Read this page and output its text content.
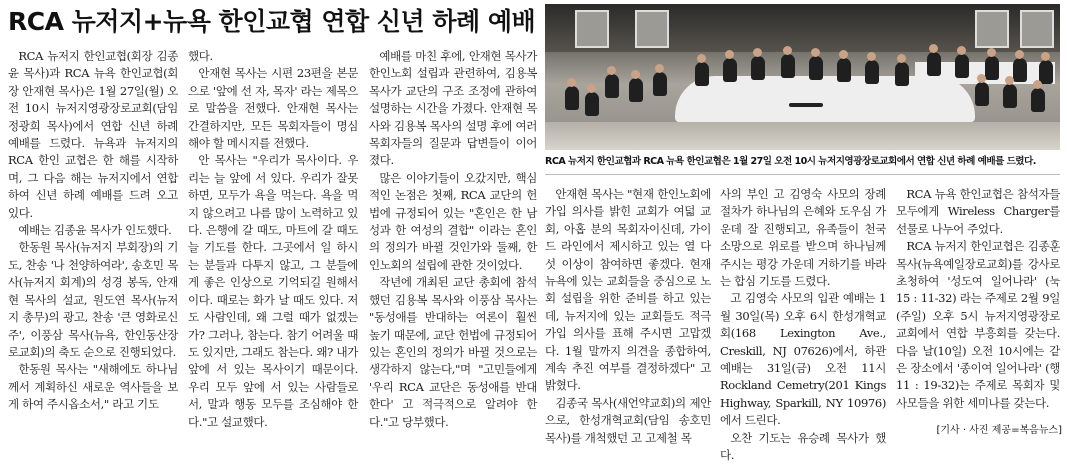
RCA 뉴저지+뉴욕 한인교협 연합 신년 하례 예배

RCA 뉴저지 한인교협(회장 김종윤 목사)과 RCA 뉴욕 한인교협(회장 안재현 목사)은 1월 27일(월) 오전 10시 뉴저지영광장로교회(담임 정광희 목사)에서 연합 신년 하례 예배를 드렸다. 뉴욕과 뉴저지의 RCA 한인 교협은 한 해를 시작하며, 그 다음 해는 뉴저지에서 연합하여 신년 하례 예배를 드려 오고 있다.

예배는 김종윤 목사가 인도했다.

한동원 목사(뉴저지 부회장)의 기도, 찬송 '나 천양하여라', 송호민 목사(뉴저지 회계)의 성경 봉독, 안재현 목사의 설교, 원도연 목사(뉴저지 총무)의 광고, 찬송 '큰 영화로신 주', 이풍삼 목사(뉴욕, 한인동산장로교회)의 축도 순으로 진행되었다.

한동원 목사는 "새해에도 하나님께서 계획하신 새로운 역사들을 보게 하여 주시옵소서," 라고 기도

했다.

안재현 목사는 시편 23편을 본문으로 '앞에 선 자, 목자' 라는 제목으로 말씀을 전했다. 안재현 목사는 간결하지만, 모든 목회자들이 명심해야 할 메시지를 전했다.

안 목사는 "우리가 목사이다. 우리는 늘 앞에 서 있다. 우리가 잘못하면, 모두가 욕을 먹는다. 욕을 먹지 않으려고 나름 많이 노력하고 있다. 은행에 갈 때도, 마트에 갈 때도 늘 기도를 한다. 그곳에서 일 하시는 분들과 다투지 않고, 그 분들에게 좋은 인상으로 기억되길 원해서이다. 때로는 화가 날 때도 있다. 저도 사람인데, 왜 그럴 때가 없겠는가? 그러나, 참는다. 참기 어려울 때도 있지만, 그래도 참는다. 왜? 내가 앞에 서 있는 목사이기 때문이다. 우리 모두 앞에 서 있는 사람들로서, 말과 행동 모두를 조심해야 한다."고 설교했다.

예배를 마친 후에, 안재현 목사가 한인노회 설립과 관련하여, 김용복 목사가 교단의 구조 조정에 관하여 설명하는 시간을 가졌다. 안재현 목사와 김용복 목사의 설명 후에 여러 목회자들의 질문과 답변들이 이어졌다.

많은 이야기들이 오갔지만, 핵심적인 논점은 첫째, RCA 교단의 헌법에 규정되어 있는 "혼인은 한 남성과 한 여성의 결합" 이라는 혼인의 정의가 바뀔 것인가와 둘째, 한인노회의 설립에 관한 것이었다.

작년에 개최된 교단 총회에 참석했던 김용복 목사와 이풍삼 목사는 "동성애를 반대하는 여론이 훨씬 높기 때문에, 교단 헌법에 규정되어 있는 혼인의 정의가 바뀔 것으로는 생각하지 않는다,"며 "고민들에게 '우리 RCA 교단은 동성애를 반대한다' 고 적극적으로 알려야 한다."고 당부했다.

RCA 뉴저지 한인교협과 RCA 뉴욕 한인교협은 1월 27일 오전 10시 뉴저지영광장로교회에서 연합 신년 하례 예배를 드렸다.

안재현 목사는 "현재 한인노회에 가입 의사를 밝힌 교회가 여덟 교회, 아홉 분의 목회자이신데, 가이드 라인에서 제시하고 있는 열 다섯 이상이 참여하면 좋겠다. 현재 뉴욕에 있는 교회들을 중심으로 노회 설립을 위한 준비를 하고 있는데, 뉴저지에 있는 교회들도 적극 가입 의사를 표해 주시면 고맙겠다. 1월 말까지 의견을 종합하여, 계속 추진 여부를 결정하겠다" 고 밝혔다.

김종국 목사(새언약교회)의 제안으로, 한성개혁교회(담임 송호민 목사)를 개척했던 고 고제철 목

사의 부인 고 김영숙 사모의 장례 절차가 하나님의 은혜와 도우심 가운데 잘 진행되고, 유족들이 천국 소망으로 위로를 받으며 하나님께 주시는 평강 가운데 거하기를 바라는 합심 기도를 드렸다.

고 김영숙 사모의 입관 예배는 1월 30일(목) 오후 6시 한성개혁교회(168 Lexington Ave., Creskill, NJ 07626)에서, 하관 예배는 31일(금) 오전 11시 Rockland Cemetry(201 Kings Highway, Sparkill, NY 10976)에서 드린다.

오찬 기도는 유승례 목사가 했다.

RCA 뉴욕 한인교협은 참석자들 모두에게 Wireless Charger를 선물로 나누어 주었다.

RCA 뉴저지 한인교협은 김종훈 목사(뉴욕예일장로교회)를 강사로 초청하여 '성도여 일어나라' (눅 15 : 11-32) 라는 주제로 2월 9일(주일) 오후 5시 뉴저지영광장로교회에서 연합 부흥회를 갖는다. 다음 날(10일) 오전 10시에는 같은 장소에서 '종이여 일어나라' (행 11 : 19-32)는 주제로 목회자 및 사모들을 위한 세미나를 갖는다.

[기사 · 사진 제공=복음뉴스]
